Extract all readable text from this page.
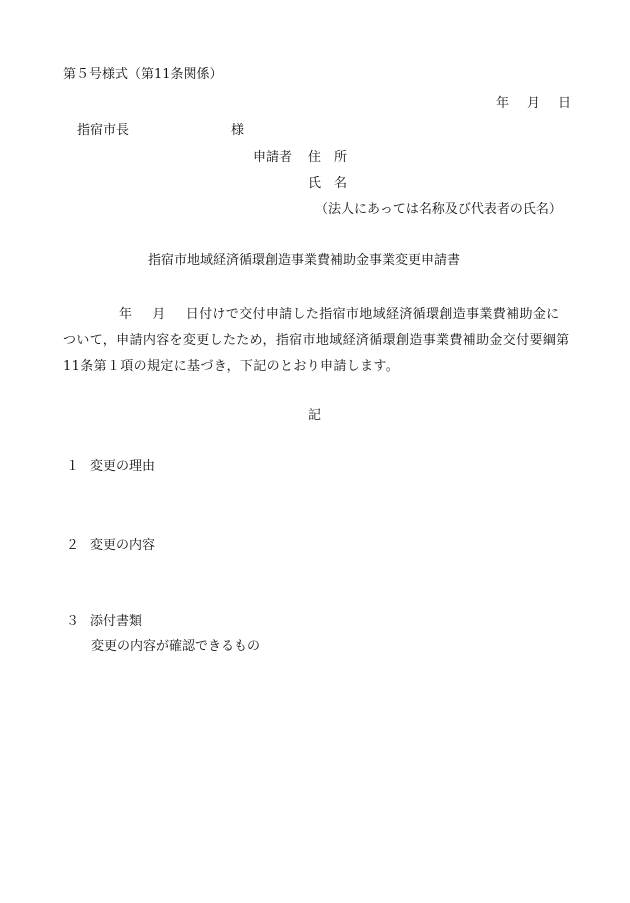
第５号様式（第11条関係）
年 月 日
指宿市長	様
申請者 住　所
氏　名
（法人にあっては名称及び代表者の氏名）
指宿市地域経済循環創造事業費補助金事業変更申請書
年 月 日付けで交付申請した指宿市地域経済循環創造事業費補助金について，申請内容を変更したため，指宿市地域経済循環創造事業費補助金交付要綱第11条第１項の規定に基づき，下記のとおり申請します。
記
１ 変更の理由
２ 変更の内容
３ 添付書類
変更の内容が確認できるもの
